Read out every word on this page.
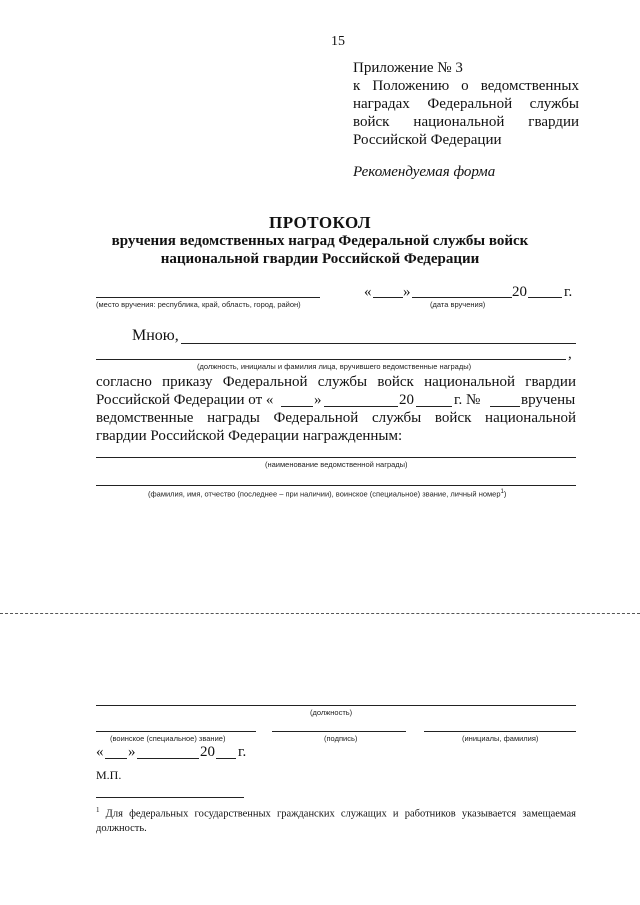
15
Приложение № 3
к Положению о ведомственных
наградах Федеральной службы
войск национальной гвардии
Российской Федерации
Рекомендуемая форма
ПРОТОКОЛ
вручения ведомственных наград Федеральной службы войск
национальной гвардии Российской Федерации
(место вручения: республика, край, область, город, район)
« »	20 г.
(дата вручения)
Мною,
,
(должность, инициалы и фамилия лица, вручившего ведомственные награды)
согласно приказу Федеральной службы войск национальной гвардии
Российской Федерации от «	»	20	г. №	вручены
ведомственные награды Федеральной службы войск национальной
гвардии Российской Федерации награжденным:
(наименование ведомственной награды)
(фамилия, имя, отчество (последнее – при наличии), воинское (специальное) звание, личный номер$^1$)
(должность)
(воинское (специальное) звание)	(подпись)	(инициалы, фамилия)
« »	20 г.
М.П.
$^1$ Для федеральных государственных гражданских служащих и работников указывается замещаемая
должность.
